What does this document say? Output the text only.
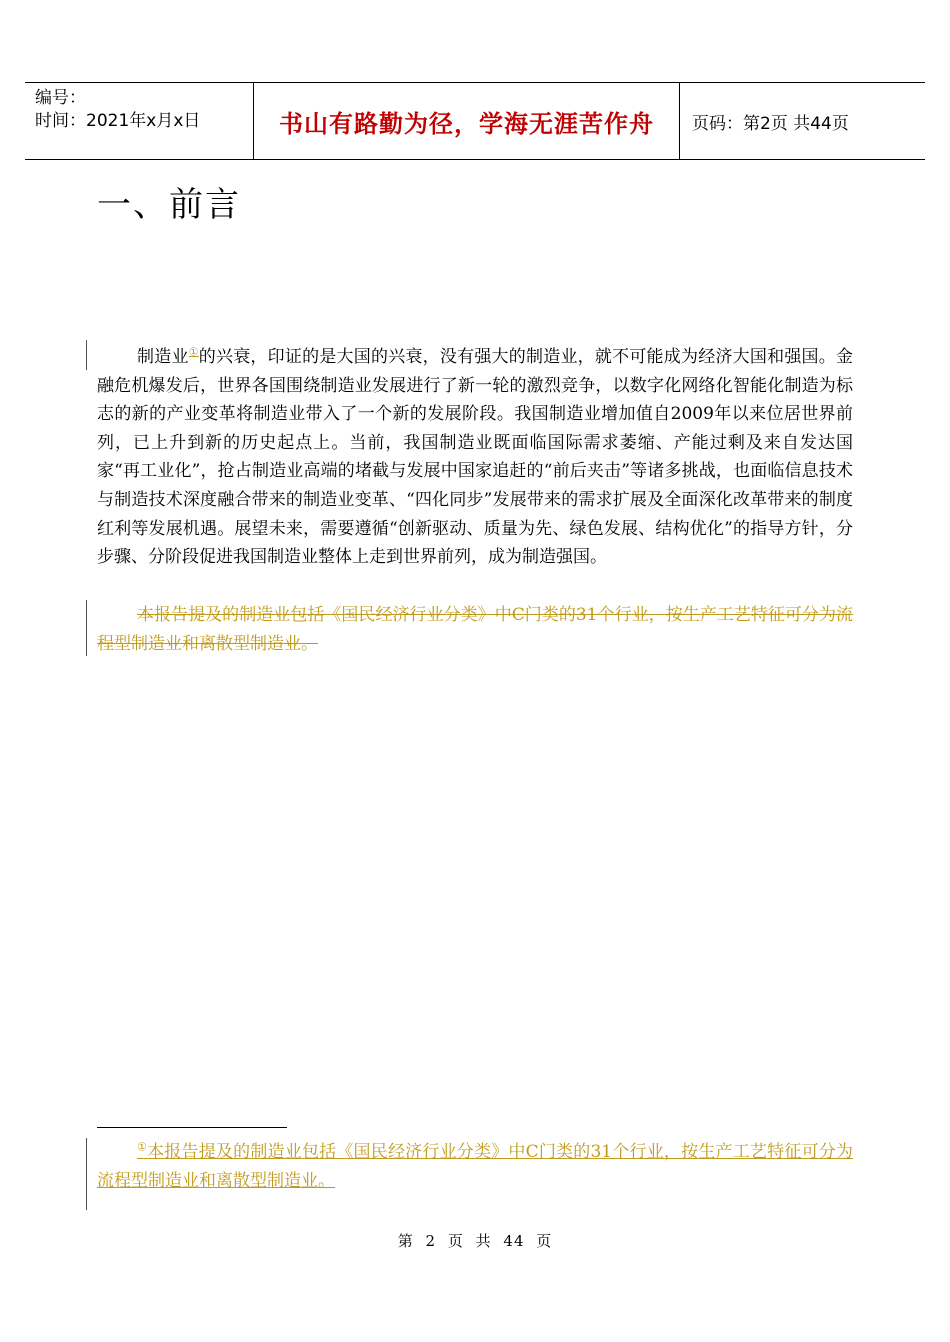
编号：
时间：2021年x月x日	书山有路勤为径，学海无涯苦作舟	页码：第2页 共44页
一、前言
制造业①的兴衰，印证的是大国的兴衰，没有强大的制造业，就不可能成为经济大国和强国。金融危机爆发后，世界各国围绕制造业发展进行了新一轮的激烈竞争，以数字化网络化智能化制造为标志的新的产业变革将制造业带入了一个新的发展阶段。我国制造业增加值自2009年以来位居世界前列，已上升到新的历史起点上。当前，我国制造业既面临国际需求萎缩、产能过剩及来自发达国家“再工业化”，抢占制造业高端的堵截与发展中国家追赶的“前后夹击”等诸多挑战，也面临信息技术与制造技术深度融合带来的制造业变革、“四化同步”发展带来的需求扩展及全面深化改革带来的制度红利等发展机遇。展望未来，需要遵循“创新驱动、质量为先、绿色发展、结构优化”的指导方针，分步骤、分阶段促进我国制造业整体上走到世界前列，成为制造强国。
本报告提及的制造业包括《国民经济行业分类》中C门类的31个行业，按生产工艺特征可分为流程型制造业和离散型制造业。
①本报告提及的制造业包括《国民经济行业分类》中C门类的31个行业，按生产工艺特征可分为流程型制造业和离散型制造业。
第 2 页 共 44 页
